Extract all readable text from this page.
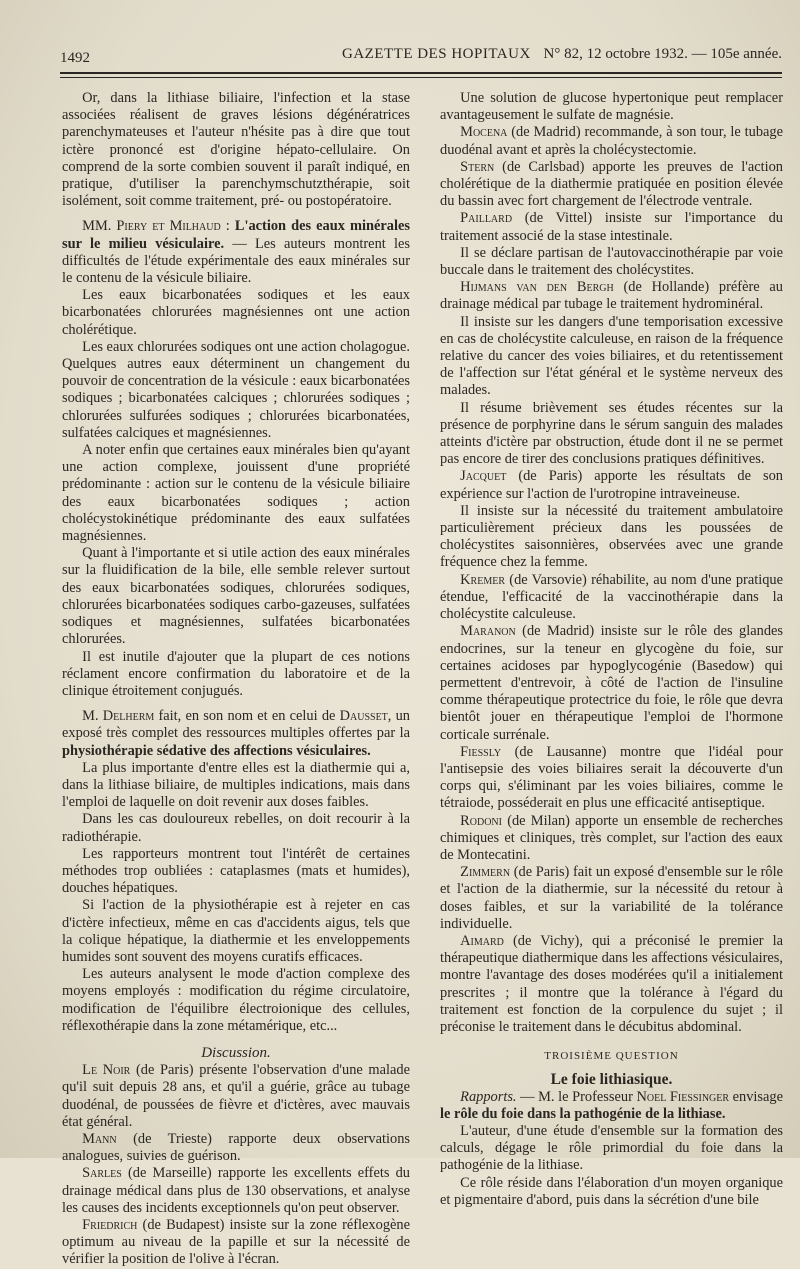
1492	GAZETTE DES HOPITAUX N° 82, 12 octobre 1932. — 105e année.

Or, dans la lithiase biliaire, l'infection et la stase associées réalisent de graves lésions dégénératrices parenchymateuses et l'auteur n'hésite pas à dire que tout ictère prononcé est d'origine hépato-cellulaire. On comprend de la sorte combien souvent il paraît indiqué, en pratique, d'utiliser la parenchymschutzthérapie, soit isolément, soit comme traitement, pré- ou postopératoire.

MM. Piery et Milhaud : L'action des eaux minérales sur le milieu vésiculaire. — Les auteurs montrent les difficultés de l'étude expérimentale des eaux minérales sur le contenu de la vésicule biliaire.

Les eaux bicarbonatées sodiques et les eaux bicarbonatées chlorurées magnésiennes ont une action cholérétique.

Les eaux chlorurées sodiques ont une action cholagogue. Quelques autres eaux déterminent un changement du pouvoir de concentration de la vésicule : eaux bicarbonatées sodiques ; bicarbonatées calciques ; chlorurées sodiques ; chlorurées sulfurées sodiques ; chlorurées bicarbonatées, sulfatées calciques et magnésiennes.

A noter enfin que certaines eaux minérales bien qu'ayant une action complexe, jouissent d'une propriété prédominante : action sur le contenu de la vésicule biliaire des eaux bicarbonatées sodiques ; action cholécystokinétique prédominante des eaux sulfatées magnésiennes.

Quant à l'importante et si utile action des eaux minérales sur la fluidification de la bile, elle semble relever surtout des eaux bicarbonatées sodiques, chlorurées sodiques, chlorurées bicarbonatées sodiques carbo-gazeuses, sulfatées sodiques et magnésiennes, sulfatées bicarbonatées chlorurées.

Il est inutile d'ajouter que la plupart de ces notions réclament encore confirmation du laboratoire et de la clinique étroitement conjugués.

M. Delherm fait, en son nom et en celui de Dausset, un exposé très complet des ressources multiples offertes par la physiothérapie sédative des affections vésiculaires.

La plus importante d'entre elles est la diathermie qui a, dans la lithiase biliaire, de multiples indications, mais dans l'emploi de laquelle on doit revenir aux doses faibles.

Dans les cas douloureux rebelles, on doit recourir à la radiothérapie.

Les rapporteurs montrent tout l'intérêt de certaines méthodes trop oubliées : cataplasmes (mats et humides), douches hépatiques.

Si l'action de la physiothérapie est à rejeter en cas d'ictère infectieux, même en cas d'accidents aigus, tels que la colique hépatique, la diathermie et les enveloppements humides sont souvent des moyens curatifs efficaces.

Les auteurs analysent le mode d'action complexe des moyens employés : modification du régime circulatoire, modification de l'équilibre électroionique des cellules, réflexothérapie dans la zone métamérique, etc...

Discussion.

Le Noir (de Paris) présente l'observation d'une malade qu'il suit depuis 28 ans, et qu'il a guérie, grâce au tubage duodénal, de poussées de fièvre et d'ictères, avec mauvais état général.

Mann (de Trieste) rapporte deux observations analogues, suivies de guérison.

Sarles (de Marseille) rapporte les excellents effets du drainage médical dans plus de 130 observations, et analyse les causes des incidents exceptionnels qu'on peut observer.

Friedrich (de Budapest) insiste sur la zone réflexogène optimum au niveau de la papille et sur la nécessité de vérifier la position de l'olive à l'écran.

Une solution de glucose hypertonique peut remplacer avantageusement le sulfate de magnésie.

Mocena (de Madrid) recommande, à son tour, le tubage duodénal avant et après la cholécystectomie.

Stern (de Carlsbad) apporte les preuves de l'action cholérétique de la diathermie pratiquée en position élevée du bassin avec fort chargement de l'électrode ventrale.

Paillard (de Vittel) insiste sur l'importance du traitement associé de la stase intestinale.

Il se déclare partisan de l'autovaccinothérapie par voie buccale dans le traitement des cholécystites.

Hijmans van den Bergh (de Hollande) préfère au drainage médical par tubage le traitement hydrominéral.

Il insiste sur les dangers d'une temporisation excessive en cas de cholécystite calculeuse, en raison de la fréquence relative du cancer des voies biliaires, et du retentissement de l'affection sur l'état général et le système nerveux des malades.

Il résume brièvement ses études récentes sur la présence de porphyrine dans le sérum sanguin des malades atteints d'ictère par obstruction, étude dont il ne se permet pas encore de tirer des conclusions pratiques définitives.

Jacquet (de Paris) apporte les résultats de son expérience sur l'action de l'urotropine intraveineuse.

Il insiste sur la nécessité du traitement ambulatoire particulièrement précieux dans les poussées de cholécystites saisonnières, observées avec une grande fréquence chez la femme.

Kremer (de Varsovie) réhabilite, au nom d'une pratique étendue, l'efficacité de la vaccinothérapie dans la cholécystite calculeuse.

Maranon (de Madrid) insiste sur le rôle des glandes endocrines, sur la teneur en glycogène du foie, sur certaines acidoses par hypoglycogénie (Basedow) qui permettent d'entrevoir, à côté de l'action de l'insuline comme thérapeutique protectrice du foie, le rôle que devra bientôt jouer en thérapeutique l'emploi de l'hormone corticale surrénale.

Fiessly (de Lausanne) montre que l'idéal pour l'antisepsie des voies biliaires serait la découverte d'un corps qui, s'éliminant par les voies biliaires, comme le tétraiode, posséderait en plus une efficacité antiseptique.

Rodoni (de Milan) apporte un ensemble de recherches chimiques et cliniques, très complet, sur l'action des eaux de Montecatini.

Zimmern (de Paris) fait un exposé d'ensemble sur le rôle et l'action de la diathermie, sur la nécessité du retour à doses faibles, et sur la variabilité de la tolérance individuelle.

Aimard (de Vichy), qui a préconisé le premier la thérapeutique diathermique dans les affections vésiculaires, montre l'avantage des doses modérées qu'il a initialement prescrites ; il montre que la tolérance à l'égard du traitement est fonction de la corpulence du sujet ; il préconise le traitement dans le décubitus abdominal.

TROISIÈME QUESTION

Le foie lithiasique.

Rapports. — M. le Professeur Noel Fiessinger envisage le rôle du foie dans la pathogénie de la lithiase.

L'auteur, d'une étude d'ensemble sur la formation des calculs, dégage le rôle primordial du foie dans la pathogénie de la lithiase.

Ce rôle réside dans l'élaboration d'un moyen organique et pigmentaire d'abord, puis dans la sécrétion d'une bile
